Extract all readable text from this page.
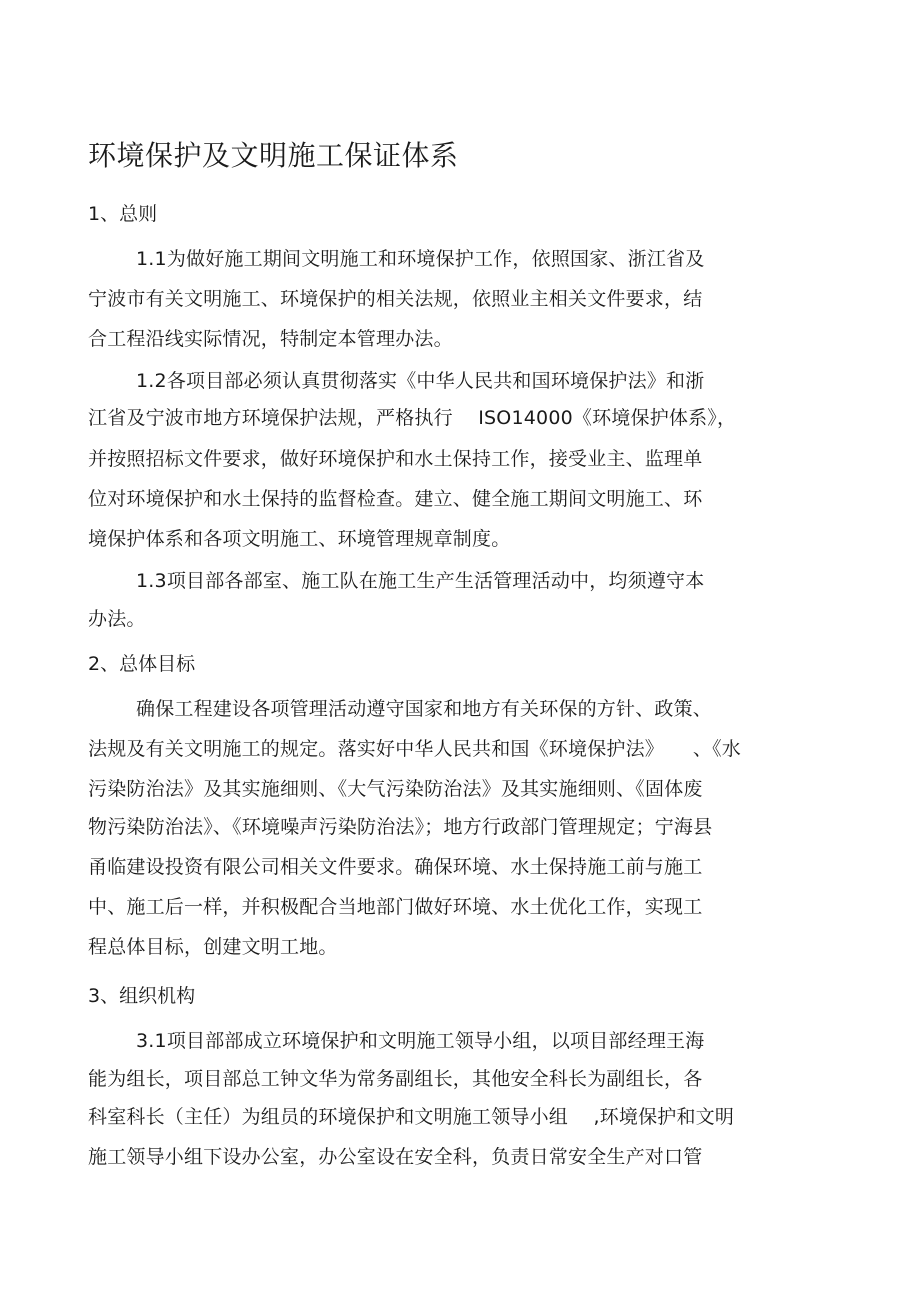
环境保护及文明施工保证体系
1、总则
1.1为做好施工期间文明施工和环境保护工作，依照国家、浙江省及
宁波市有关文明施工、环境保护的相关法规，依照业主相关文件要求，结
合工程沿线实际情况，特制定本管理办法。
1.2各项目部必须认真贯彻落实《中华人民共和国环境保护法》和浙
江省及宁波市地方环境保护法规，严格执行　 ISO14000《环境保护体系》，
并按照招标文件要求，做好环境保护和水土保持工作，接受业主、监理单
位对环境保护和水土保持的监督检查。建立、健全施工期间文明施工、环
境保护体系和各项文明施工、环境管理规章制度。
1.3项目部各部室、施工队在施工生产生活管理活动中，均须遵守本
办法。
2、总体目标
确保工程建设各项管理活动遵守国家和地方有关环保的方针、政策、
法规及有关文明施工的规定。落实好中华人民共和国《环境保护法》　　、《水
污染防治法》及其实施细则、《大气污染防治法》及其实施细则、《固体废
物污染防治法》、《环境噪声污染防治法》；地方行政部门管理规定；宁海县
甬临建设投资有限公司相关文件要求。确保环境、水土保持施工前与施工
中、施工后一样，并积极配合当地部门做好环境、水土优化工作，实现工
程总体目标，创建文明工地。
3、组织机构
3.1项目部部成立环境保护和文明施工领导小组，以项目部经理王海
能为组长，项目部总工钟文华为常务副组长，其他安全科长为副组长，各
科室科长（主任）为组员的环境保护和文明施工领导小组　 ,环境保护和文明
施工领导小组下设办公室，办公室设在安全科，负责日常安全生产对口管
